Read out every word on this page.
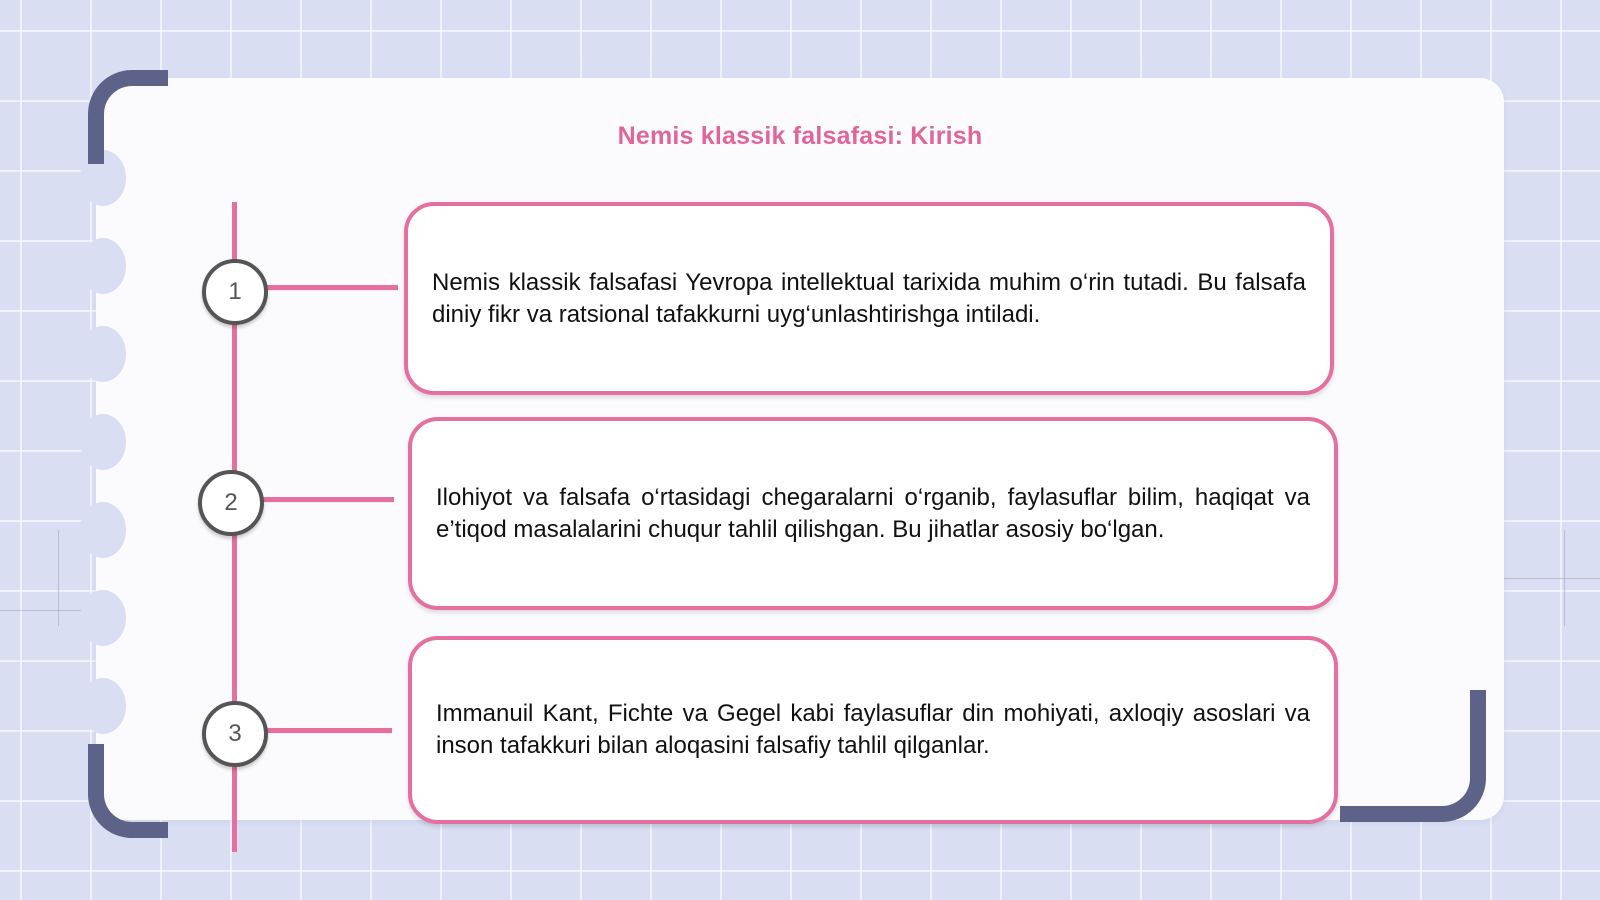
Nemis klassik falsafasi: Kirish
1	Nemis klassik falsafasi Yevropa intellektual tarixida muhim o‘rin tutadi. Bu falsafa diniy fikr va ratsional tafakkurni uyg‘unlashtirishga intiladi.
2	Ilohiyot va falsafa o‘rtasidagi chegaralarni o‘rganib, faylasuflar bilim, haqiqat va e’tiqod masalalarini chuqur tahlil qilishgan. Bu jihatlar asosiy bo‘lgan.
3
Immanuil Kant, Fichte va Gegel kabi faylasuflar din mohiyati, axloqiy asoslari va inson tafakkuri bilan aloqasini falsafiy tahlil qilganlar.
